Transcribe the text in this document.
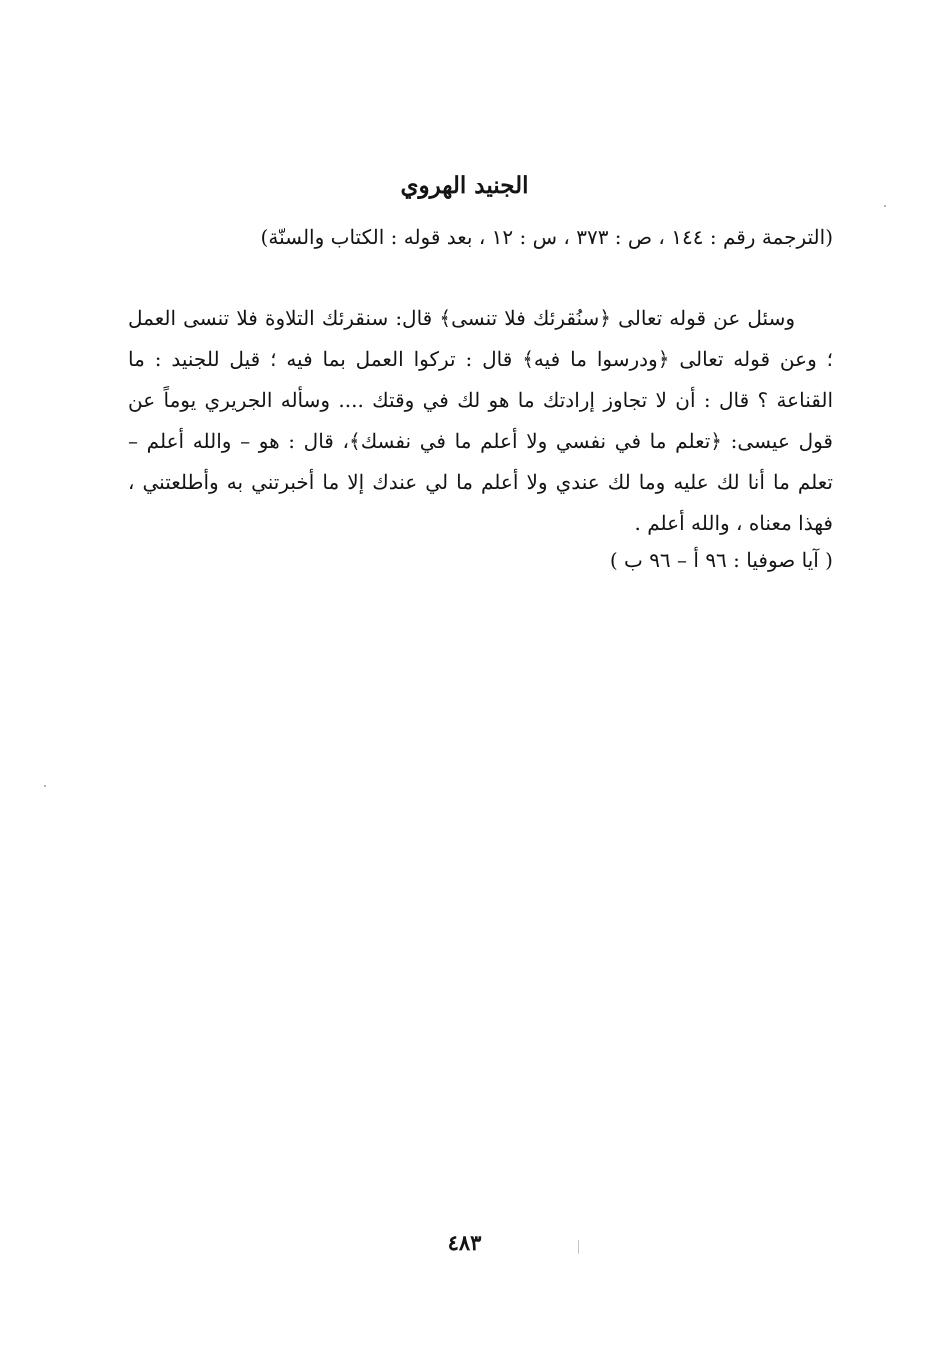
الجنيد الهروي
(الترجمة رقم : ١٤٤ ، ص : ٣٧٣ ، س : ١٢ ، بعد قوله : الكتاب والسنّة)

وسئل عن قوله تعالى ﴿سنُقرئك فلا تنسى﴾ قال: سنقرئك التلاوة فلا تنسى العمل ؛ وعن قوله تعالى ﴿ودرسوا ما فيه﴾ قال : تركوا العمل بما فيه ؛ قيل للجنيد : ما القناعة ؟ قال : أن لا تجاوز إرادتك ما هو لك في وقتك .... وسأله الجريري يوماً عن قول عيسى: ﴿تعلم ما في نفسي ولا أعلم ما في نفسك﴾، قال : هو – والله أعلم – تعلم ما أنا لك عليه وما لك عندي ولا أعلم ما لي عندك إلا ما أخبرتني به وأطلعتني ، فهذا معناه ، والله أعلم .

( آيا صوفيا : ٩٦ أ – ٩٦ ب )
٤٨٣
